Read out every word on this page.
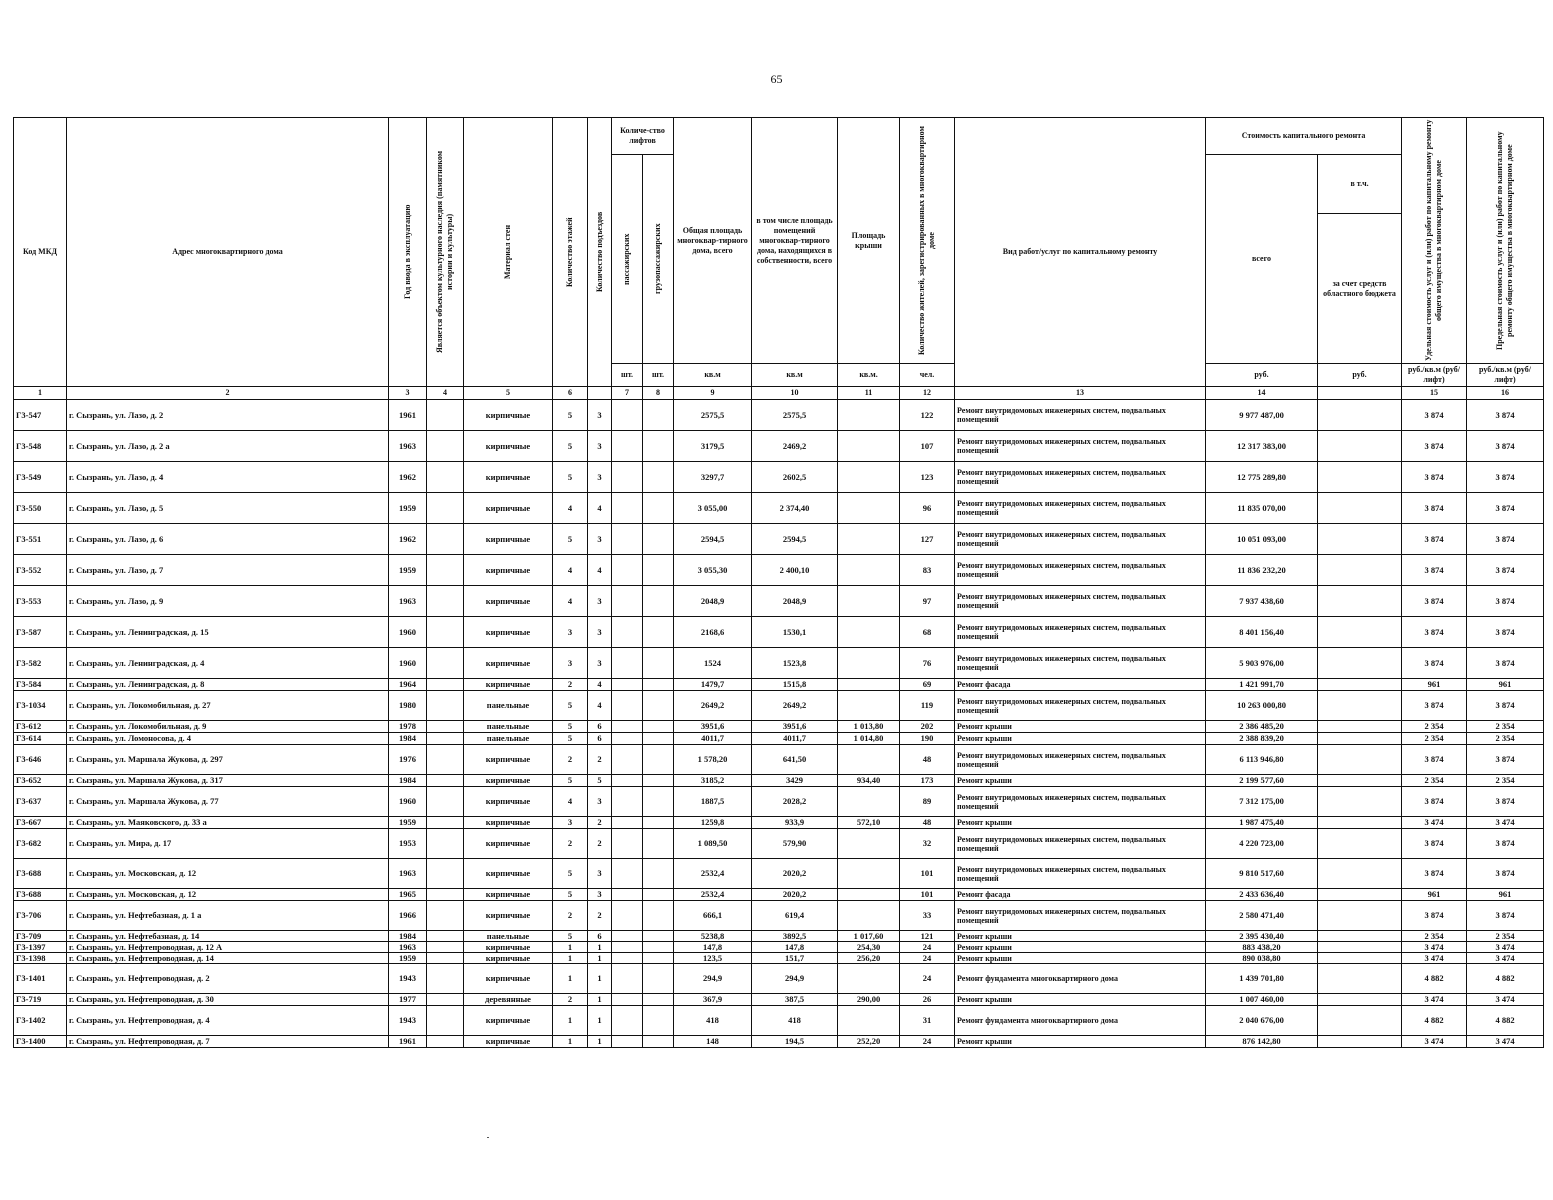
65
Код МКД	Адрес многоквартирного дома	Год ввода в эксплуатацию	Является объектом культурного наследия (памятником истории и культуры)	Материал стен	Количество этажей	Количество подъездов	Количе-ство лифтов		Общая площадь многоквар-тирного дома, всего	в том числе площадь помещений многоквар-тирного дома, находящихся в собственности, всего	Площадь крыши	Количество жителей, зарегистрированных в многоквартирном доме	Вид работ/услуг по капитальному ремонту	Стоимость капитального ремонта		Удельная стоимость услуг и (или) работ по капитальному ремонту общего имущества в многоквартирном доме	Предельная стоимость услуг и (или) работ по капитальному ремонту общего имущества в многоквартирном доме

							пассажирских	грузопассажирских						всего	в т.ч.		
															за счет средств областного бюджета		
							шт.	шт.	кв.м	кв.м	кв.м.	чел.		руб.	руб.	руб./кв.м (руб/лифт)	руб./кв.м (руб/лифт)
1	2	3	4	5	6		7	8	9	10	11	12	13	14		15	16
Г3-547	г. Сызрань, ул. Лазо, д. 2	1961		кирпичные	5	3			2575,5	2575,5		122	Ремонт внутридомовых инженерных систем, подвальных помещений	9 977 487,00		3 874	3 874
Г3-548	г. Сызрань, ул. Лазо, д. 2 а	1963		кирпичные	5	3			3179,5	2469,2		107	Ремонт внутридомовых инженерных систем, подвальных помещений	12 317 383,00		3 874	3 874
Г3-549	г. Сызрань, ул. Лазо, д. 4	1962		кирпичные	5	3			3297,7	2602,5		123	Ремонт внутридомовых инженерных систем, подвальных помещений	12 775 289,80		3 874	3 874
Г3-550	г. Сызрань, ул. Лазо, д. 5	1959		кирпичные	4	4			3 055,00	2 374,40		96	Ремонт внутридомовых инженерных систем, подвальных помещений	11 835 070,00		3 874	3 874
Г3-551	г. Сызрань, ул. Лазо, д. 6	1962		кирпичные	5	3			2594,5	2594,5		127	Ремонт внутридомовых инженерных систем, подвальных помещений	10 051 093,00		3 874	3 874
Г3-552	г. Сызрань, ул. Лазо, д. 7	1959		кирпичные	4	4			3 055,30	2 400,10		83	Ремонт внутридомовых инженерных систем, подвальных помещений	11 836 232,20		3 874	3 874
Г3-553	г. Сызрань, ул. Лазо, д. 9	1963		кирпичные	4	3			2048,9	2048,9		97	Ремонт внутридомовых инженерных систем, подвальных помещений	7 937 438,60		3 874	3 874
Г3-587	г. Сызрань, ул. Ленинградская, д. 15	1960		кирпичные	3	3			2168,6	1530,1		68	Ремонт внутридомовых инженерных систем, подвальных помещений	8 401 156,40		3 874	3 874
Г3-582	г. Сызрань, ул. Ленинградская, д. 4	1960		кирпичные	3	3			1524	1523,8		76	Ремонт внутридомовых инженерных систем, подвальных помещений	5 903 976,00		3 874	3 874
Г3-584	г. Сызрань, ул. Ленинградская, д. 8	1964		кирпичные	2	4			1479,7	1515,8		69	Ремонт фасада	1 421 991,70		961	961
Г3-1034	г. Сызрань, ул. Локомобильная, д. 27	1980		панельные	5	4			2649,2	2649,2		119	Ремонт внутридомовых инженерных систем, подвальных помещений	10 263 000,80		3 874	3 874
Г3-612	г. Сызрань, ул. Локомобильная, д. 9	1978		панельные	5	6			3951,6	3951,6	1 013,80	202	Ремонт крыши	2 386 485,20		2 354	2 354
Г3-614	г. Сызрань, ул. Ломоносова, д. 4	1984		панельные	5	6			4011,7	4011,7	1 014,80	190	Ремонт крыши	2 388 839,20		2 354	2 354
Г3-646	г. Сызрань, ул. Маршала Жукова, д. 297	1976		кирпичные	2	2			1 578,20	641,50		48	Ремонт внутридомовых инженерных систем, подвальных помещений	6 113 946,80		3 874	3 874
Г3-652	г. Сызрань, ул. Маршала Жукова, д. 317	1984		кирпичные	5	5			3185,2	3429	934,40	173	Ремонт крыши	2 199 577,60		2 354	2 354
Г3-637	г. Сызрань, ул. Маршала Жукова, д. 77	1960		кирпичные	4	3			1887,5	2028,2		89	Ремонт внутридомовых инженерных систем, подвальных помещений	7 312 175,00		3 874	3 874
Г3-667	г. Сызрань, ул. Маяковского, д. 33 а	1959		кирпичные	3	2			1259,8	933,9	572,10	48	Ремонт крыши	1 987 475,40		3 474	3 474
Г3-682	г. Сызрань, ул. Мира, д. 17	1953		кирпичные	2	2			1 089,50	579,90		32	Ремонт внутридомовых инженерных систем, подвальных помещений	4 220 723,00		3 874	3 874
Г3-688	г. Сызрань, ул. Московская, д. 12	1963		кирпичные	5	3			2532,4	2020,2		101	Ремонт внутридомовых инженерных систем, подвальных помещений	9 810 517,60		3 874	3 874
Г3-688	г. Сызрань, ул. Московская, д. 12	1965		кирпичные	5	3			2532,4	2020,2		101	Ремонт фасада	2 433 636,40		961	961
Г3-706	г. Сызрань, ул. Нефтебазная, д. 1 а	1966		кирпичные	2	2			666,1	619,4		33	Ремонт внутридомовых инженерных систем, подвальных помещений	2 580 471,40		3 874	3 874
Г3-709	г. Сызрань, ул. Нефтебазная, д. 14	1984		панельные	5	6			5238,8	3892,5	1 017,60	121	Ремонт крыши	2 395 430,40		2 354	2 354
Г3-1397	г. Сызрань, ул. Нефтепроводная, д. 12 А	1963		кирпичные	1	1			147,8	147,8	254,30	24	Ремонт крыши	883 438,20		3 474	3 474
Г3-1398	г. Сызрань, ул. Нефтепроводная, д. 14	1959		кирпичные	1	1			123,5	151,7	256,20	24	Ремонт крыши	890 038,80		3 474	3 474
Г3-1401	г. Сызрань, ул. Нефтепроводная, д. 2	1943		кирпичные	1	1			294,9	294,9		24	Ремонт фундамента многоквартирного дома	1 439 701,80		4 882	4 882
Г3-719	г. Сызрань, ул. Нефтепроводная, д. 30	1977		деревянные	2	1			367,9	387,5	290,00	26	Ремонт крыши	1 007 460,00		3 474	3 474
Г3-1402	г. Сызрань, ул. Нефтепроводная, д. 4	1943		кирпичные	1	1			418	418		31	Ремонт фундамента многоквартирного дома	2 040 676,00		4 882	4 882
Г3-1400	г. Сызрань, ул. Нефтепроводная, д. 7	1961		кирпичные	1	1			148	194,5	252,20	24	Ремонт крыши	876 142,80		3 474	3 474
